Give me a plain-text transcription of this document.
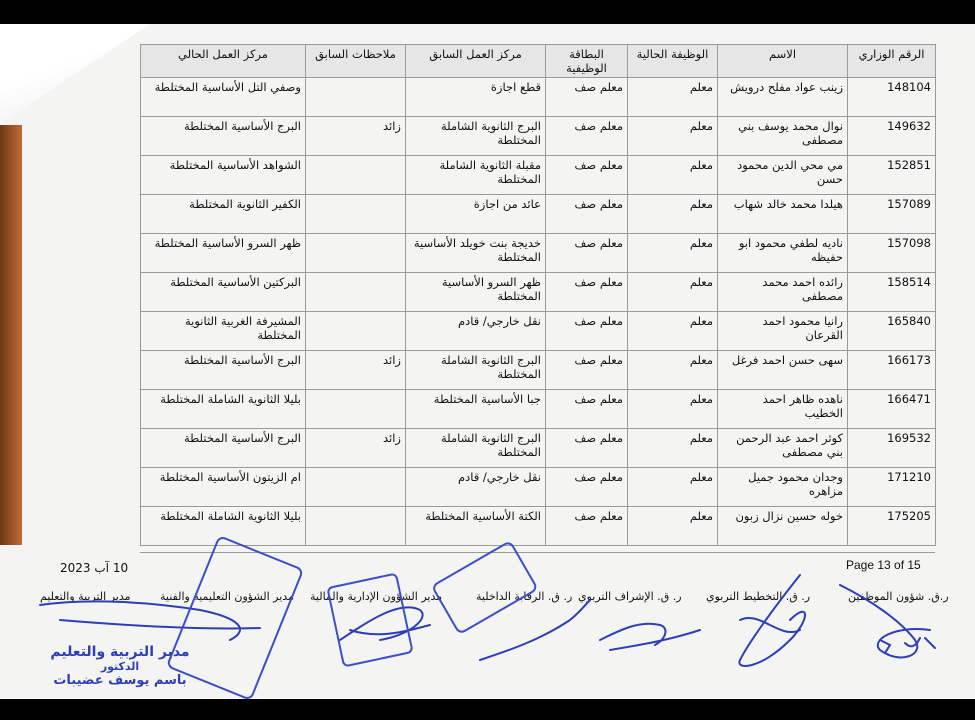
الرقم الوزاري	الاسم	الوظيفة الحالية	البطاقة الوظيفية	مركز العمل السابق	ملاحظات السابق	مركز العمل الحالي
148104	زينب عواد مفلح درويش	معلم	معلم صف	قطع اجازة		وصفي التل الأساسية المختلطة
149632	نوال محمد يوسف بني مصطفى	معلم	معلم صف	البرج الثانوية الشاملة المختلطة	زائد	البرج الأساسية المختلطة
152851	مي محي الدين محمود حسن	معلم	معلم صف	مقبلة الثانوية الشاملة المختلطة		الشواهد الأساسية المختلطة
157089	هيلدا محمد خالد شهاب	معلم	معلم صف	عائد من اجازة		الكفير الثانوية المختلطة
157098	ناديه لطفي محمود ابو حفيظه	معلم	معلم صف	خديجة بنت خويلد الأساسية المختلطة		ظهر السرو الأساسية المختلطة
158514	رائده احمد محمد مصطفى	معلم	معلم صف	ظهر السرو الأساسية المختلطة		البركتين الأساسية المختلطة
165840	رانيا محمود احمد القرعان	معلم	معلم صف	نقل خارجي/ قادم		المشيرفة الغربية الثانوية المختلطة
166173	سهى حسن احمد فرغل	معلم	معلم صف	البرج الثانوية الشاملة المختلطة	زائد	البرج الأساسية المختلطة
166471	ناهده ظاهر احمد الخطيب	معلم	معلم صف	جبا الأساسية المختلطة		بليلا الثانوية الشاملة المختلطة
169532	كوثر احمد عبد الرحمن بني مصطفى	معلم	معلم صف	البرج الثانوية الشاملة المختلطة	زائد	البرج الأساسية المختلطة
171210	وجدان محمود جميل مزاهره	معلم	معلم صف	نقل خارجي/ قادم		ام الزيتون الأساسية المختلطة
175205	خوله حسين نزال زبون	معلم	معلم صف	الكتة الأساسية المختلطة		بليلا الثانوية الشاملة المختلطة
10 آب 2023	Page 13 of 15
ر.ق. شؤون الموظفين
ر. ق. التخطيط التربوي
ر. ق. الإشراف التربوي
ر. ق. الرقابة الداخلية
مدير الشؤون الإدارية والمالية
مدير الشؤون التعليمية والفنية
مدير التربية والتعليم
مدير التربية والتعليم
الدكتور
باسم يوسف عضيبات
